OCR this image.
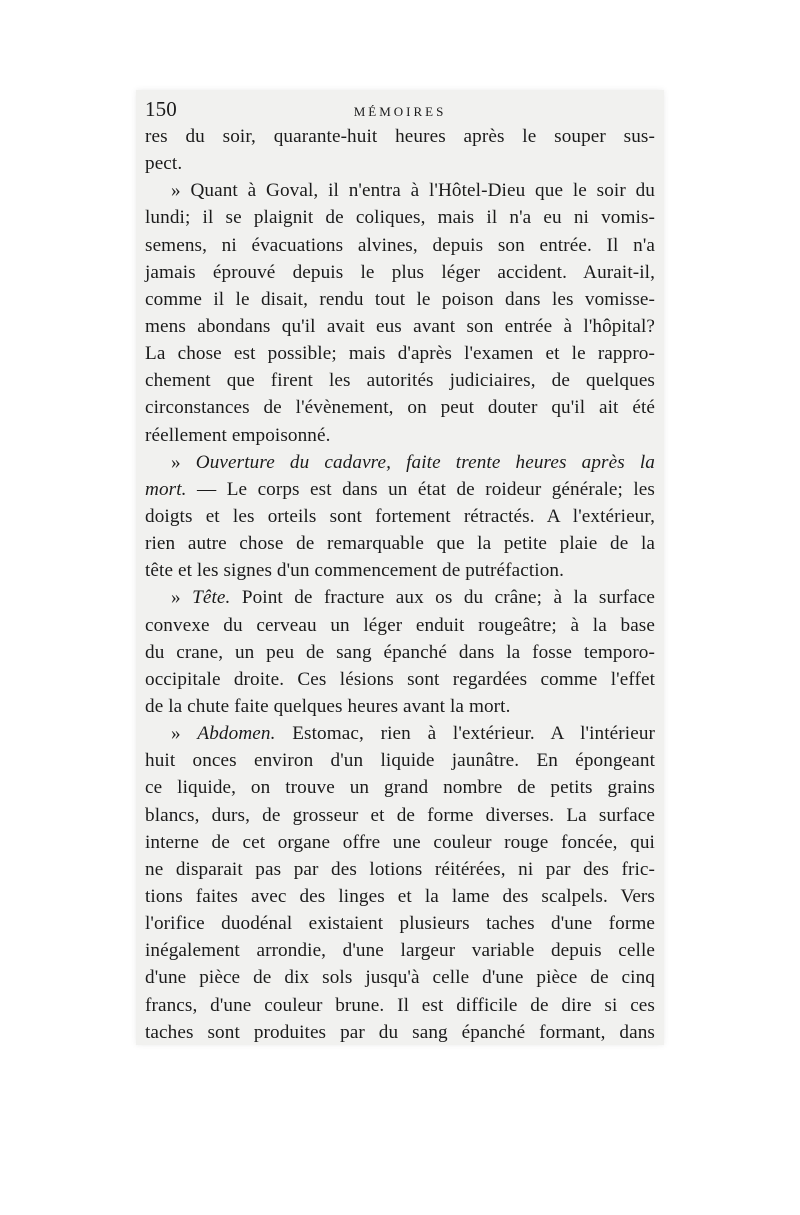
150	MÉMOIRES
res du soir, quarante-huit heures après le souper sus-
pect.
» Quant à Goval, il n'entra à l'Hôtel-Dieu que le soir du
lundi; il se plaignit de coliques, mais il n'a eu ni vomis-
semens, ni évacuations alvines, depuis son entrée. Il n'a
jamais éprouvé depuis le plus léger accident. Aurait-il,
comme il le disait, rendu tout le poison dans les vomisse-
mens abondans qu'il avait eus avant son entrée à l'hôpital?
La chose est possible; mais d'après l'examen et le rappro-
chement que firent les autorités judiciaires, de quelques
circonstances de l'évènement, on peut douter qu'il ait été
réellement empoisonné.
» Ouverture du cadavre, faite trente heures après la
mort. — Le corps est dans un état de roideur générale; les
doigts et les orteils sont fortement rétractés. A l'extérieur,
rien autre chose de remarquable que la petite plaie de la
tête et les signes d'un commencement de putréfaction.
» Tête. Point de fracture aux os du crâne; à la surface
convexe du cerveau un léger enduit rougeâtre; à la base
du crane, un peu de sang épanché dans la fosse temporo-
occipitale droite. Ces lésions sont regardées comme l'effet
de la chute faite quelques heures avant la mort.
» Abdomen. Estomac, rien à l'extérieur. A l'intérieur
huit onces environ d'un liquide jaunâtre. En épongeant
ce liquide, on trouve un grand nombre de petits grains
blancs, durs, de grosseur et de forme diverses. La surface
interne de cet organe offre une couleur rouge foncée, qui
ne disparait pas par des lotions réitérées, ni par des fric-
tions faites avec des linges et la lame des scalpels. Vers
l'orifice duodénal existaient plusieurs taches d'une forme
inégalement arrondie, d'une largeur variable depuis celle
d'une pièce de dix sols jusqu'à celle d'une pièce de cinq
francs, d'une couleur brune. Il est difficile de dire si ces
taches sont produites par du sang épanché formant, dans
